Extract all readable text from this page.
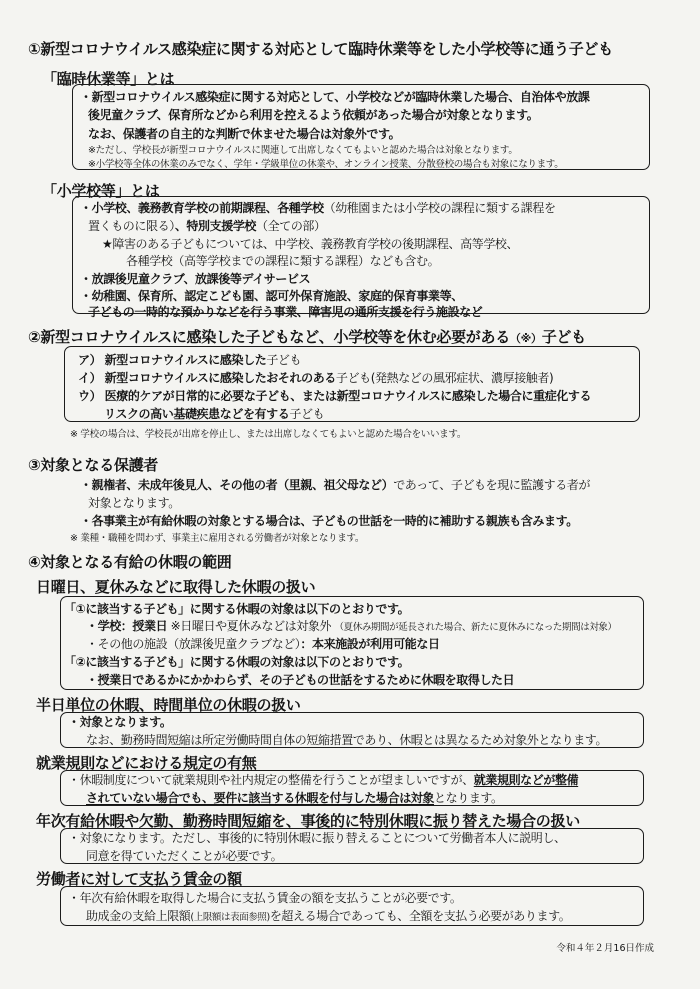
①新型コロナウイルス感染症に関する対応として臨時休業等をした小学校等に通う子ども
「臨時休業等」とは
・新型コロナウイルス感染症に関する対応として、小学校などが臨時休業した場合、自治体や放課
後児童クラブ、保育所などから利用を控えるよう依頼があった場合が対象となります。
なお、保護者の自主的な判断で休ませた場合は対象外です。
※ただし、学校長が新型コロナウイルスに関連して出席しなくてもよいと認めた場合は対象となります。
※小学校等全体の休業のみでなく、学年・学級単位の休業や、オンライン授業、分散登校の場合も対象になります。
「小学校等」とは
・小学校、義務教育学校の前期課程、各種学校（幼稚園または小学校の課程に類する課程を
置くものに限る）、特別支援学校（全ての部）
★障害のある子どもについては、中学校、義務教育学校の後期課程、高等学校、
各種学校（高等学校までの課程に類する課程）なども含む。
・放課後児童クラブ、放課後等デイサービス
・幼稚園、保育所、認定こども園、認可外保育施設、家庭的保育事業等、
子どもの一時的な預かりなどを行う事業、障害児の通所支援を行う施設など
②新型コロナウイルスに感染した子どもなど、小学校等を休む必要がある（※）子ども
ア） 新型コロナウイルスに感染した子ども
イ） 新型コロナウイルスに感染したおそれのある子ども(発熱などの風邪症状、濃厚接触者)
ウ） 医療的ケアが日常的に必要な子ども、または新型コロナウイルスに感染した場合に重症化する
リスクの高い基礎疾患などを有する子ども
※ 学校の場合は、学校長が出席を停止し、または出席しなくてもよいと認めた場合をいいます。
③対象となる保護者
・親権者、未成年後見人、その他の者（里親、祖父母など）であって、子どもを現に監護する者が
対象となります。
・各事業主が有給休暇の対象とする場合は、子どもの世話を一時的に補助する親族も含みます。
※ 業種・職種を問わず、事業主に雇用される労働者が対象となります。
④対象となる有給の休暇の範囲
日曜日、夏休みなどに取得した休暇の扱い
「①に該当する子ども」に関する休暇の対象は以下のとおりです。
・学校：授業日 ※日曜日や夏休みなどは対象外 （夏休み期間が延長された場合、新たに夏休みになった期間は対象）
・その他の施設（放課後児童クラブなど）：本来施設が利用可能な日
「②に該当する子ども」に関する休暇の対象は以下のとおりです。
・授業日であるかにかかわらず、その子どもの世話をするために休暇を取得した日
半日単位の休暇、時間単位の休暇の扱い
・対象となります。
なお、勤務時間短縮は所定労働時間自体の短縮措置であり、休暇とは異なるため対象外となります。
就業規則などにおける規定の有無
・休暇制度について就業規則や社内規定の整備を行うことが望ましいですが、就業規則などが整備
されていない場合でも、要件に該当する休暇を付与した場合は対象となります。
年次有給休暇や欠勤、勤務時間短縮を、事後的に特別休暇に振り替えた場合の扱い
・対象になります。ただし、事後的に特別休暇に振り替えることについて労働者本人に説明し、
同意を得ていただくことが必要です。
労働者に対して支払う賃金の額
・年次有給休暇を取得した場合に支払う賃金の額を支払うことが必要です。
助成金の支給上限額(上限額は表面参照)を超える場合であっても、全額を支払う必要があります。
令和４年２月16日作成
